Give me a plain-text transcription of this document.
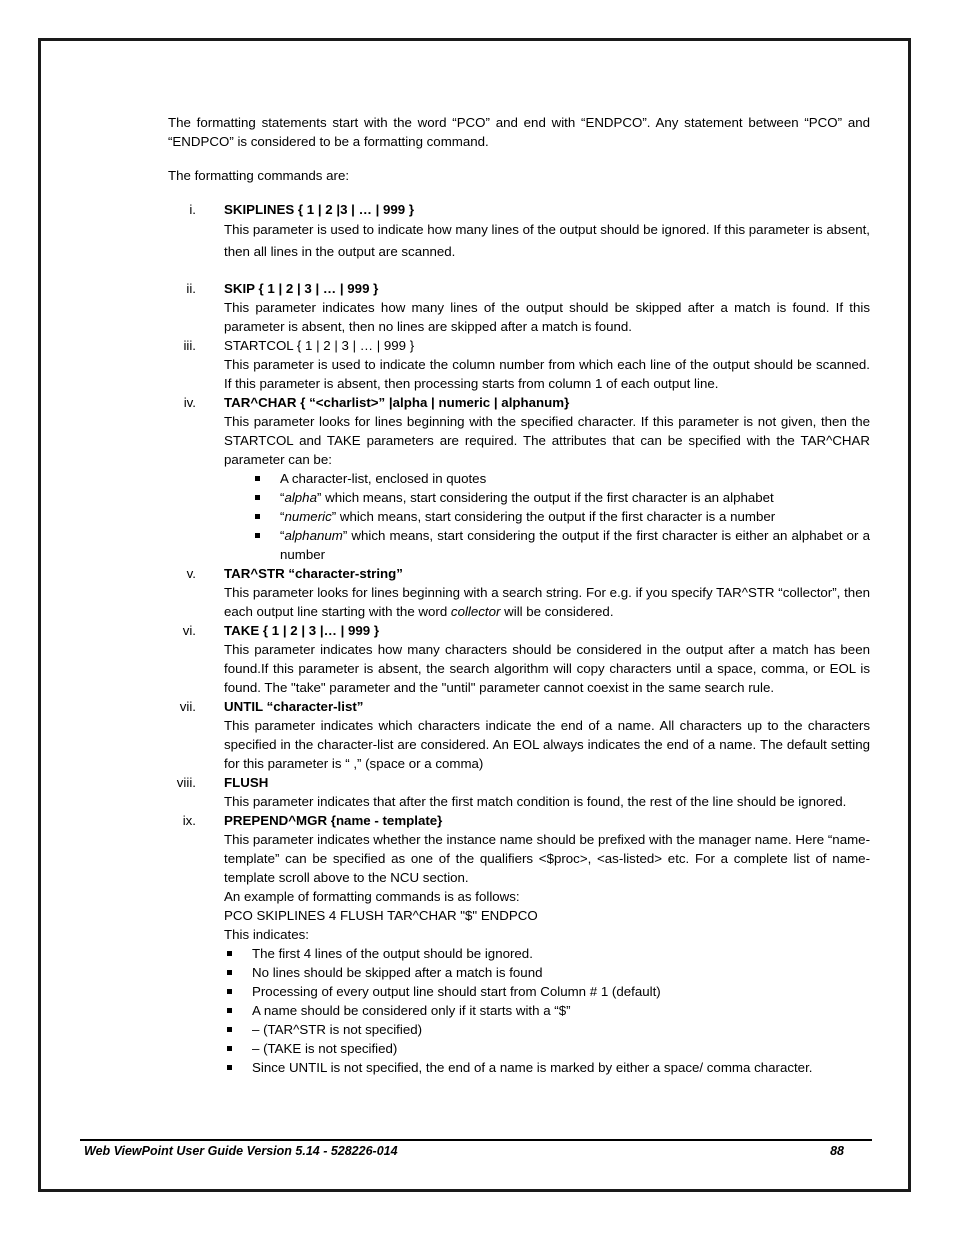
The formatting statements start with the word “PCO” and end with “ENDPCO”. Any statement between “PCO” and “ENDPCO” is considered to be a formatting command.

The formatting commands are:

i. SKIPLINES { 1 | 2 |3 | … | 999 }
This parameter is used to indicate how many lines of the output should be ignored. If this parameter is absent, then all lines in the output are scanned.
ii. SKIP { 1 | 2 | 3 | … | 999 }
This parameter indicates how many lines of the output should be skipped after a match is found. If this parameter is absent, then no lines are skipped after a match is found.
iii. STARTCOL { 1 | 2 | 3 | … | 999 }
This parameter is used to indicate the column number from which each line of the output should be scanned. If this parameter is absent, then processing starts from column 1 of each output line.
iv. TAR^CHAR { “<charlist>” |alpha | numeric | alphanum}
This parameter looks for lines beginning with the specified character. If this parameter is not given, then the STARTCOL and TAKE parameters are required. The attributes that can be specified with the TAR^CHAR parameter can be:
A character-list, enclosed in quotes
“alpha” which means, start considering the output if the first character is an alphabet
“numeric” which means, start considering the output if the first character is a number
“alphanum” which means, start considering the output if the first character is either an alphabet or a number
v. TAR^STR “character-string”
This parameter looks for lines beginning with a search string. For e.g. if you specify TAR^STR “collector”, then each output line starting with the word collector will be considered.
vi. TAKE { 1 | 2 | 3 |… | 999 }
This parameter indicates how many characters should be considered in the output after a match has been found.If this parameter is absent, the search algorithm will copy characters until a space, comma, or EOL is found. The "take" parameter and the "until" parameter cannot coexist in the same search rule.
vii. UNTIL “character-list”
This parameter indicates which characters indicate the end of a name. All characters up to the characters specified in the character-list are considered. An EOL always indicates the end of a name. The default setting for this parameter is “ ,” (space or a comma)
viii. FLUSH
This parameter indicates that after the first match condition is found, the rest of the line should be ignored.
ix. PREPEND^MGR {name - template}
This parameter indicates whether the instance name should be prefixed with the manager name. Here “name-template” can be specified as one of the qualifiers <$proc>, <as-listed> etc. For a complete list of name-template scroll above to the NCU section.
An example of formatting commands is as follows:
PCO SKIPLINES 4 FLUSH TAR^CHAR "$" ENDPCO
This indicates:
The first 4 lines of the output should be ignored.
No lines should be skipped after a match is found
Processing of every output line should start from Column # 1 (default)
A name should be considered only if it starts with a “$”
– (TAR^STR is not specified)
– (TAKE is not specified)
Since UNTIL is not specified, the end of a name is marked by either a space/ comma character.
Web ViewPoint User Guide Version 5.14 - 528226-014	88
